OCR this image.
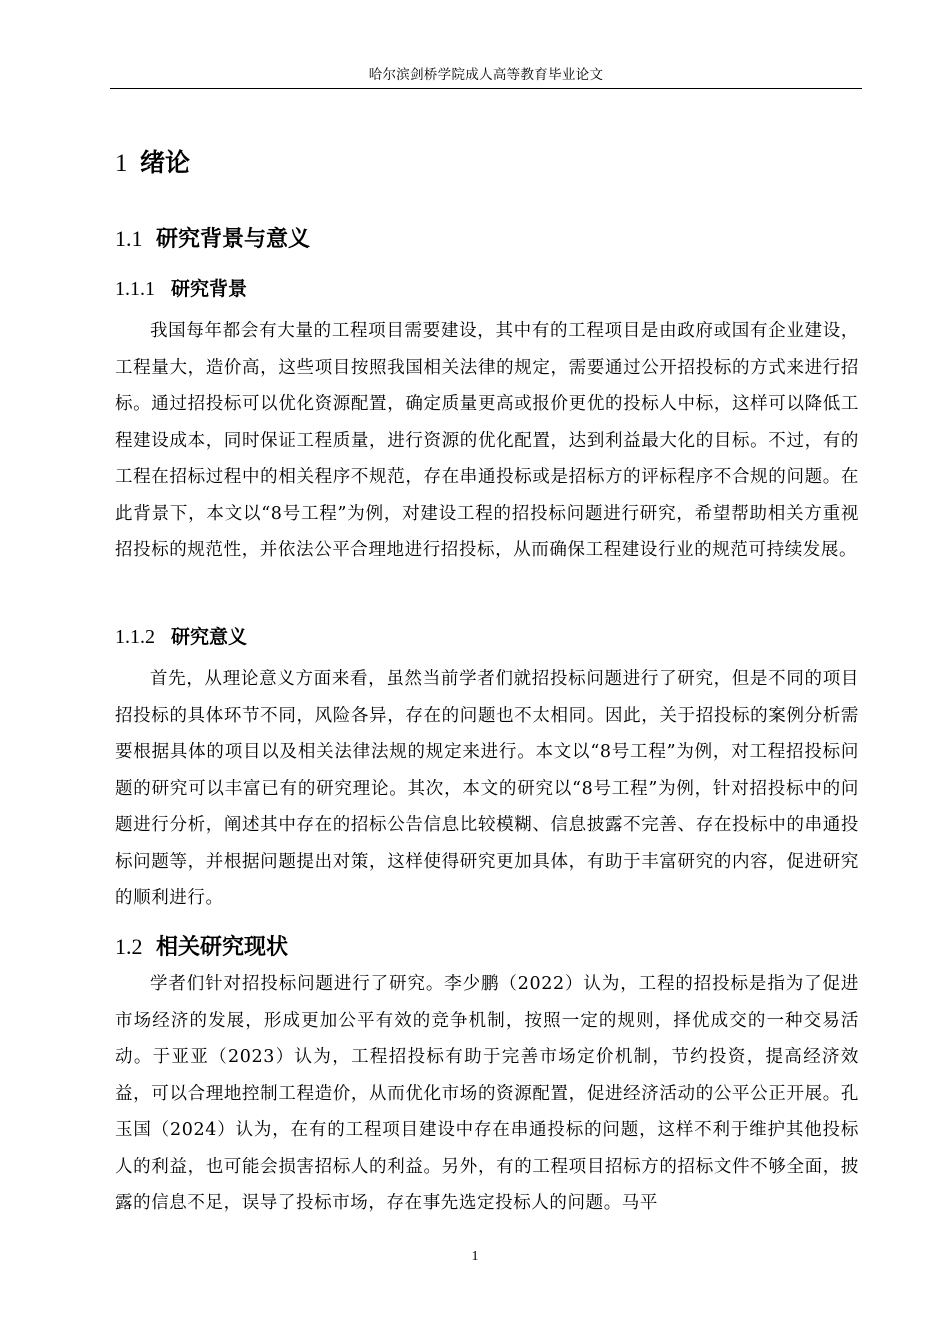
哈尔滨剑桥学院成人高等教育毕业论文
1 绪论
1.1 研究背景与意义
1.1.1 研究背景

我国每年都会有大量的工程项目需要建设，其中有的工程项目是由政府或国有企业建设，工程量大，造价高，这些项目按照我国相关法律的规定，需要通过公开招投标的方式来进行招标。通过招投标可以优化资源配置，确定质量更高或报价更优的投标人中标，这样可以降低工程建设成本，同时保证工程质量，进行资源的优化配置，达到利益最大化的目标。不过，有的工程在招标过程中的相关程序不规范，存在串通投标或是招标方的评标程序不合规的问题。在此背景下，本文以“8号工程”为例，对建设工程的招投标问题进行研究，希望帮助相关方重视招投标的规范性，并依法公平合理地进行招投标，从而确保工程建设行业的规范可持续发展。

1.1.2 研究意义

首先，从理论意义方面来看，虽然当前学者们就招投标问题进行了研究，但是不同的项目招投标的具体环节不同，风险各异，存在的问题也不太相同。因此，关于招投标的案例分析需要根据具体的项目以及相关法律法规的规定来进行。本文以“8号工程”为例，对工程招投标问题的研究可以丰富已有的研究理论。其次，本文的研究以“8号工程”为例，针对招投标中的问题进行分析，阐述其中存在的招标公告信息比较模糊、信息披露不完善、存在投标中的串通投标问题等，并根据问题提出对策，这样使得研究更加具体，有助于丰富研究的内容，促进研究的顺利进行。

1.2 相关研究现状

学者们针对招投标问题进行了研究。李少鹏（2022）认为，工程的招投标是指为了促进市场经济的发展，形成更加公平有效的竞争机制，按照一定的规则，择优成交的一种交易活动。于亚亚（2023）认为，工程招投标有助于完善市场定价机制，节约投资，提高经济效益，可以合理地控制工程造价，从而优化市场的资源配置，促进经济活动的公平公正开展。孔玉国（2024）认为，在有的工程项目建设中存在串通投标的问题，这样不利于维护其他投标人的利益，也可能会损害招标人的利益。另外，有的工程项目招标方的招标文件不够全面，披露的信息不足，误导了投标市场，存在事先选定投标人的问题。马平

1
